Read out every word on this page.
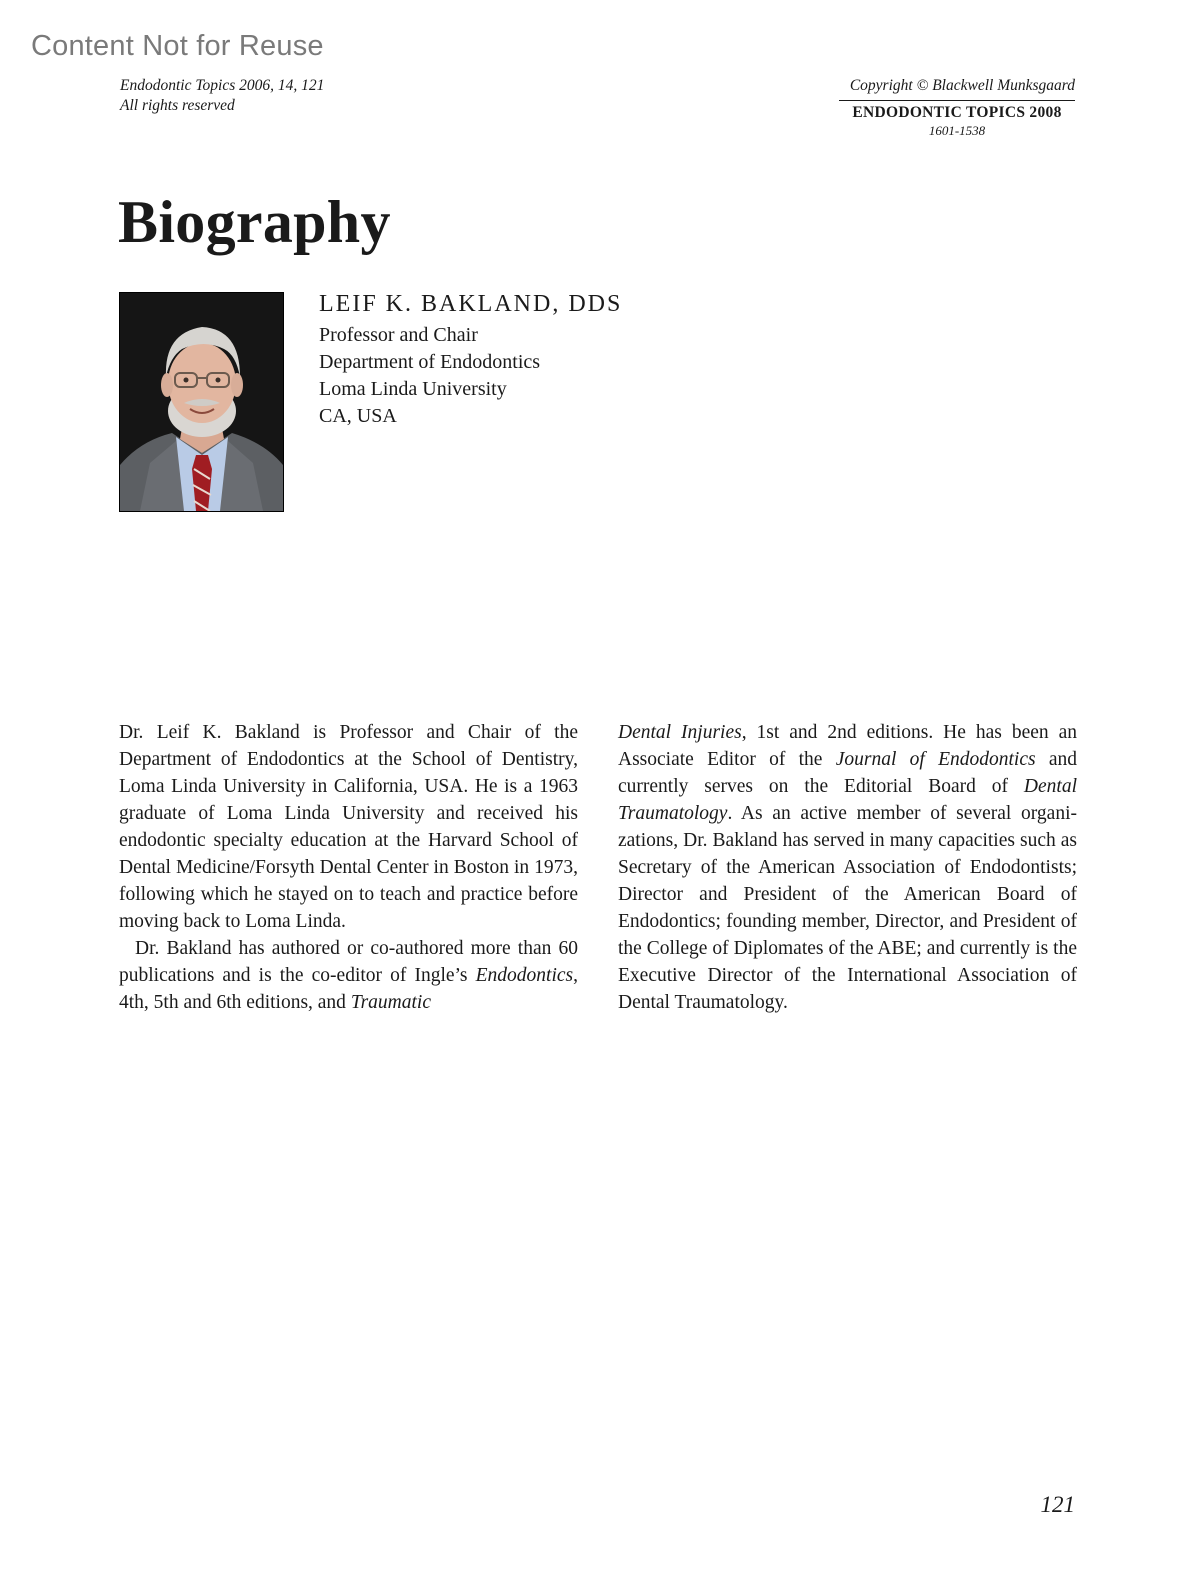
Content Not for Reuse
Endodontic Topics 2006, 14, 121
All rights reserved
Copyright © Blackwell Munksgaard
ENDODONTIC TOPICS 2008
1601-1538
Biography
LEIF K. BAKLAND, DDS
Professor and Chair
Department of Endodontics
Loma Linda University
CA, USA

Dr. Leif K. Bakland is Professor and Chair of the Department of Endodontics at the School of Dentistry, Loma Linda University in California, USA. He is a 1963 graduate of Loma Linda University and received his endodontic specialty education at the Harvard School of Dental Medicine/Forsyth Dental Center in Boston in 1973, following which he stayed on to teach and practice before moving back to Loma Linda.

Dr. Bakland has authored or co-authored more than 60 publications and is the co-editor of Ingle’s Endodontics, 4th, 5th and 6th editions, and Traumatic

Dental Injuries, 1st and 2nd editions. He has been an Associate Editor of the Journal of Endodontics and currently serves on the Editorial Board of Dental Traumatology. As an active member of several organizations, Dr. Bakland has served in many capacities such as Secretary of the American Association of Endodontists; Director and President of the American Board of Endodontics; founding member, Director, and President of the College of Diplomates of the ABE; and currently is the Executive Director of the International Association of Dental Traumatology.

121
